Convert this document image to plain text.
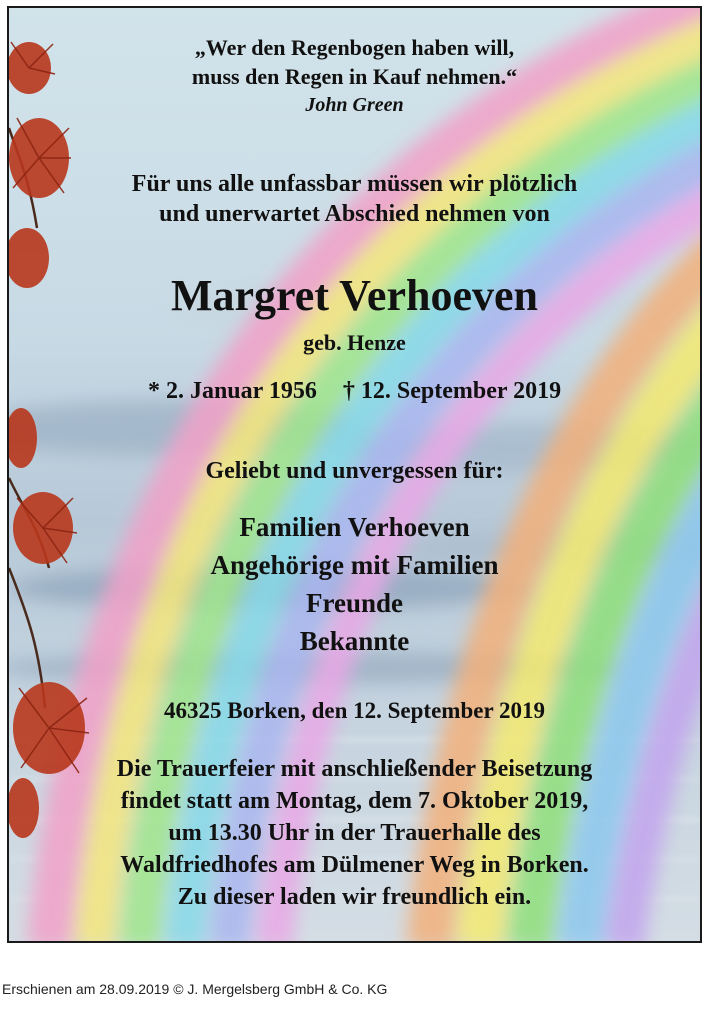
„Wer den Regenbogen haben will,
muss den Regen in Kauf nehmen.“
John Green
Für uns alle unfassbar müssen wir plötzlich
und unerwartet Abschied nehmen von
Margret Verhoeven
geb. Henze
* 2. Januar 1956 † 12. September 2019
Geliebt und unvergessen für:
Familien Verhoeven
Angehörige mit Familien
Freunde
Bekannte
46325 Borken, den 12. September 2019
Die Trauerfeier mit anschließender Beisetzung
findet statt am Montag, dem 7. Oktober 2019,
um 13.30 Uhr in der Trauerhalle des
Waldfriedhofes am Dülmener Weg in Borken.
Zu dieser laden wir freundlich ein.
Erschienen am 28.09.2019 © J. Mergelsberg GmbH & Co. KG
